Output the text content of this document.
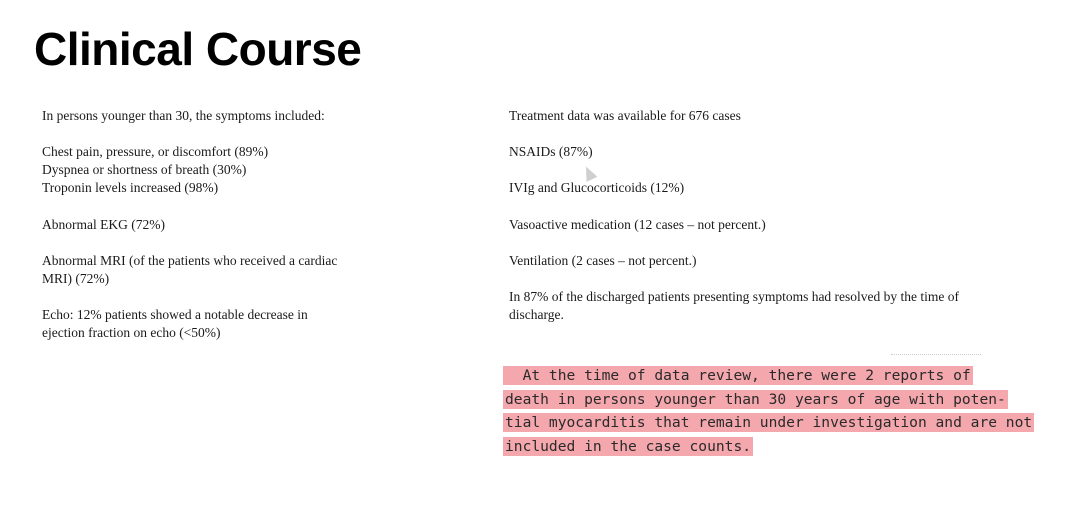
Clinical Course

In persons younger than 30, the symptoms included:

Chest pain, pressure, or discomfort (89%)

Dyspnea or shortness of breath (30%)

Troponin levels increased (98%)

Abnormal EKG (72%)

Abnormal MRI (of the patients who received a cardiac

MRI) (72%)

Echo: 12% patients showed a notable decrease in

ejection fraction on echo (<50%)

Treatment data was available for 676 cases

NSAIDs (87%)

IVIg and Glucocorticoids (12%)

Vasoactive medication (12 cases – not percent.)

Ventilation (2 cases – not percent.)

In 87% of the discharged patients presenting symptoms had resolved by the time of

discharge.

At the time of data review, there were 2 reports of
death in persons younger than 30 years of age with poten-
tial myocarditis that remain under investigation and are not
included in the case counts.
